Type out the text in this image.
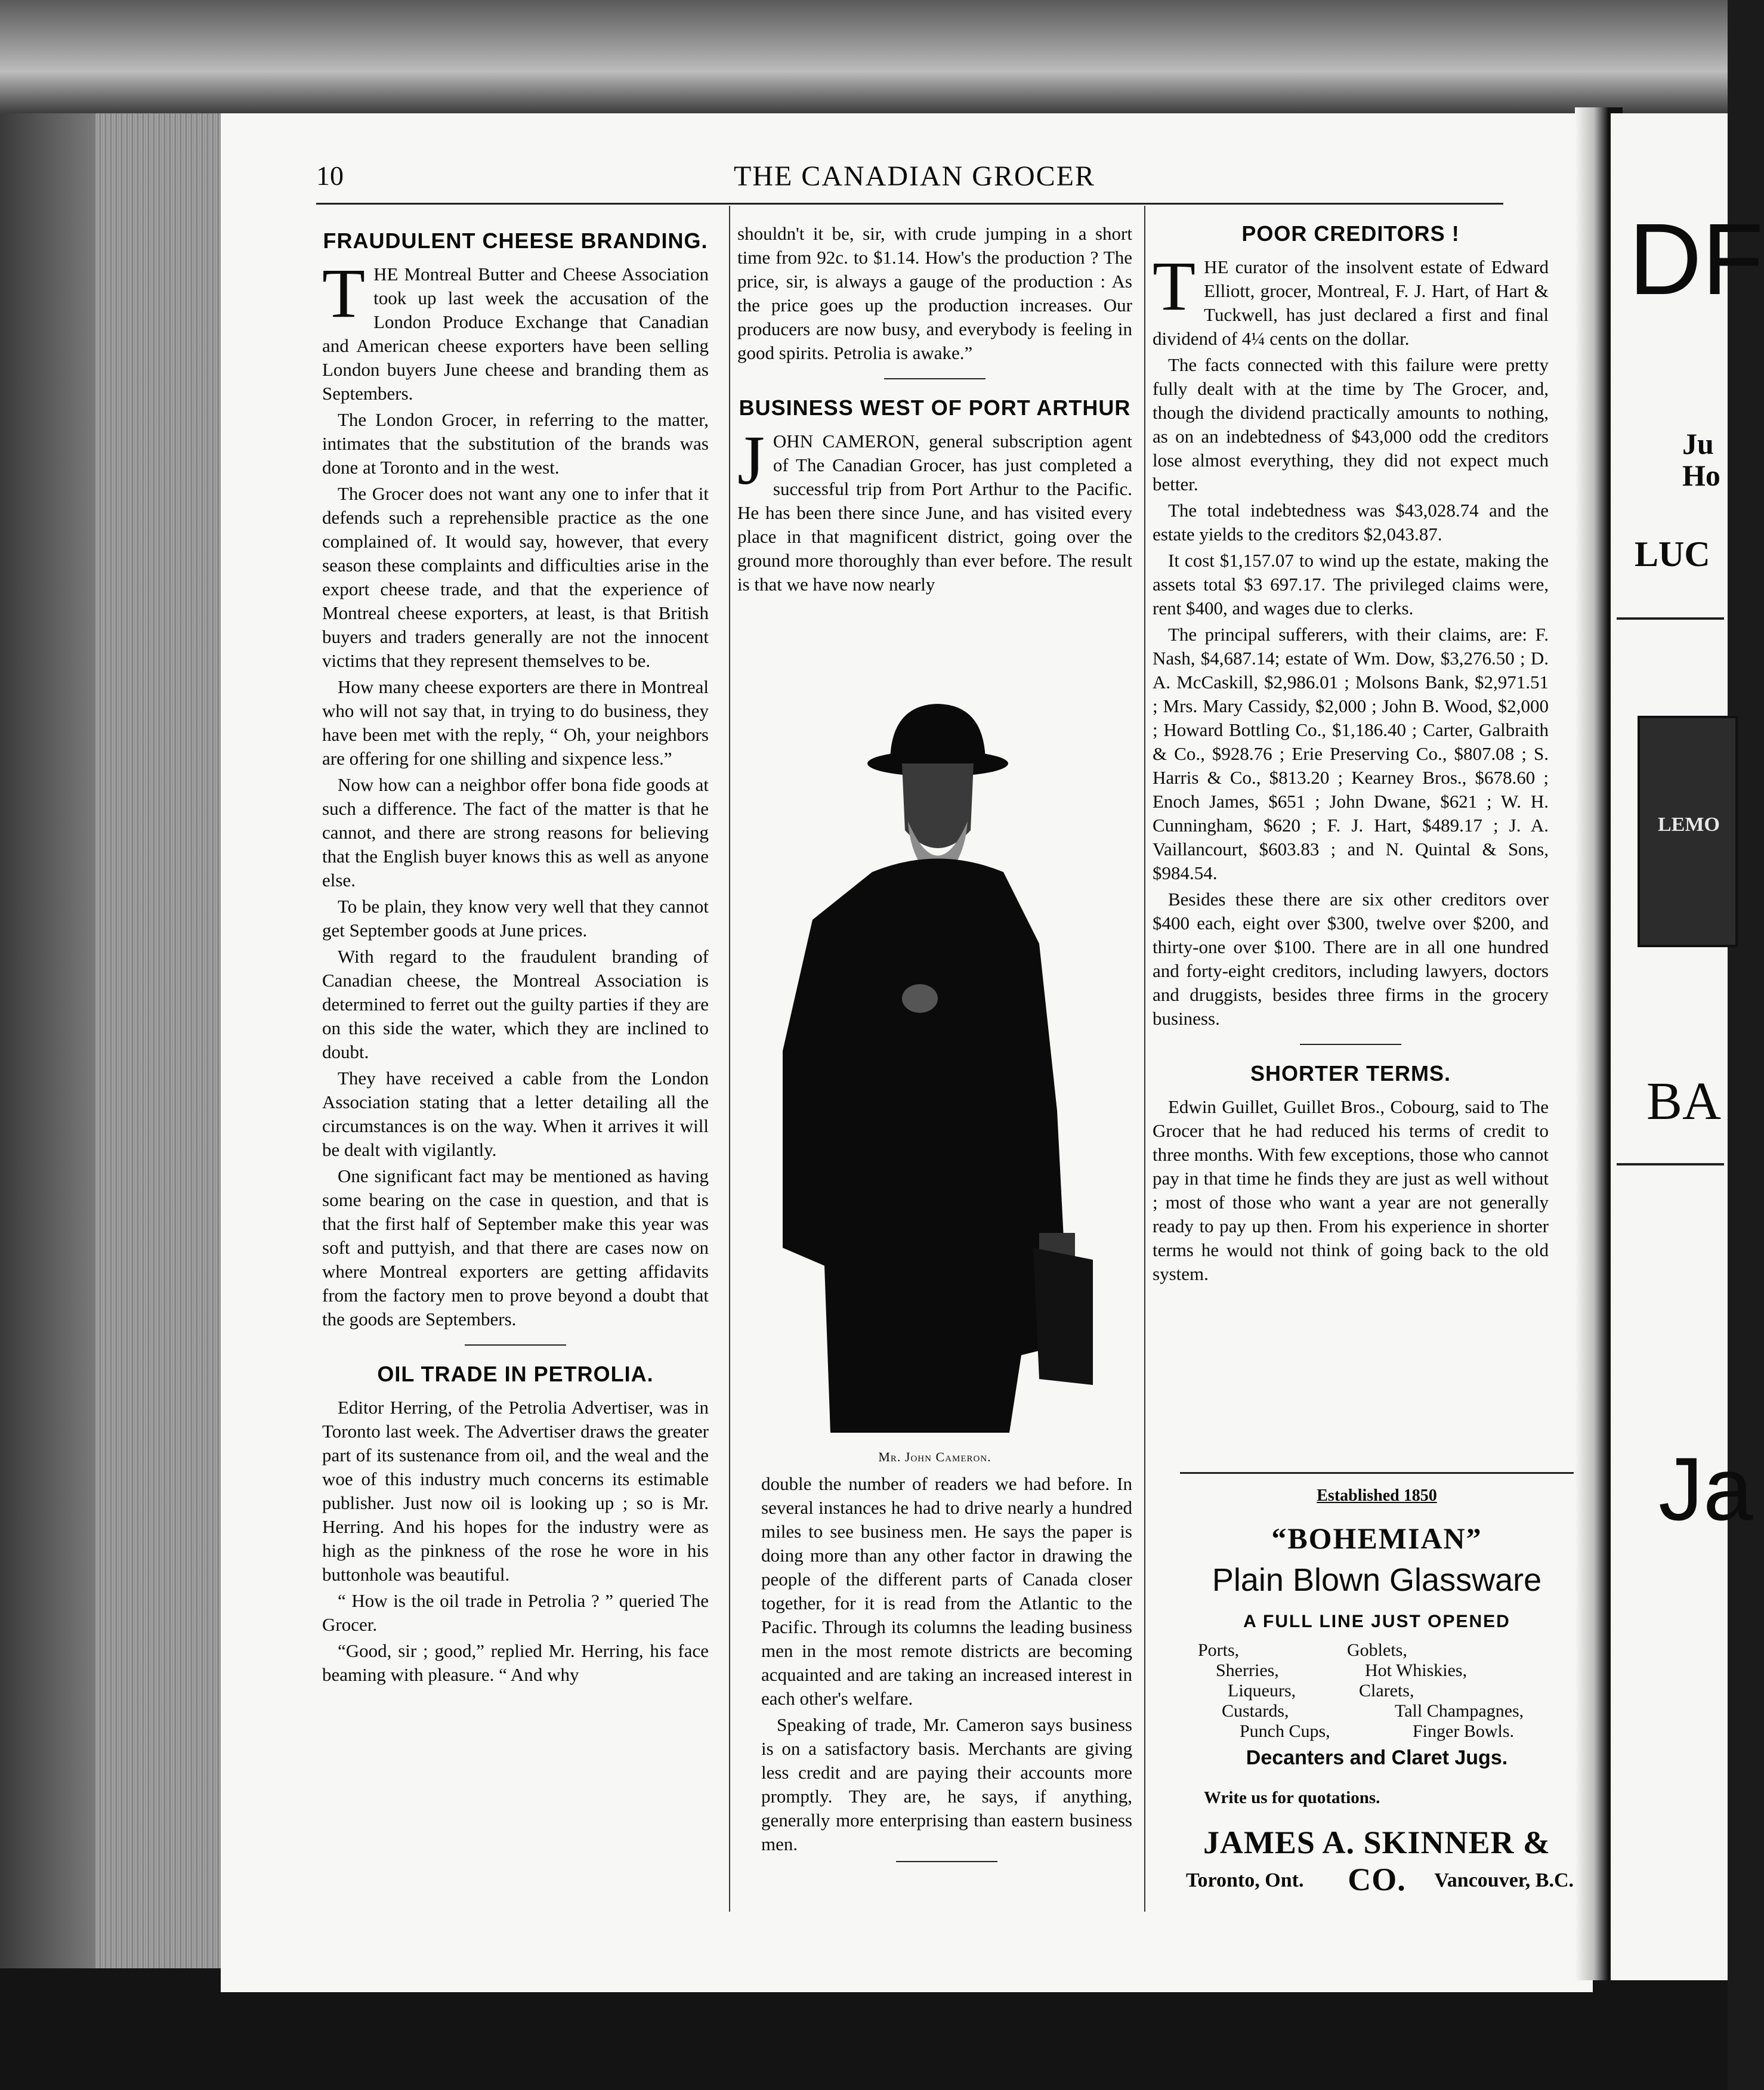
10	THE CANADIAN GROCER
FRAUDULENT CHEESE BRANDING.

THE Montreal Butter and Cheese Association took up last week the accusation of the London Produce Exchange that Canadian and American cheese exporters have been selling London buyers June cheese and branding them as Septembers.

The London Grocer, in referring to the matter, intimates that the substitution of the brands was done at Toronto and in the west.

The Grocer does not want any one to infer that it defends such a reprehensible practice as the one complained of. It would say, however, that every season these complaints and difficulties arise in the export cheese trade, and that the experience of Montreal cheese exporters, at least, is that British buyers and traders generally are not the innocent victims that they represent themselves to be.

How many cheese exporters are there in Montreal who will not say that, in trying to do business, they have been met with the reply, “ Oh, your neighbors are offering for one shilling and sixpence less.”

Now how can a neighbor offer bona fide goods at such a difference. The fact of the matter is that he cannot, and there are strong reasons for believing that the English buyer knows this as well as anyone else.

To be plain, they know very well that they cannot get September goods at June prices.

With regard to the fraudulent branding of Canadian cheese, the Montreal Association is determined to ferret out the guilty parties if they are on this side the water, which they are inclined to doubt.

They have received a cable from the London Association stating that a letter detailing all the circumstances is on the way. When it arrives it will be dealt with vigilantly.

One significant fact may be mentioned as having some bearing on the case in question, and that is that the first half of September make this year was soft and puttyish, and that there are cases now on where Montreal exporters are getting affidavits from the factory men to prove beyond a doubt that the goods are Septembers.

OIL TRADE IN PETROLIA.

Editor Herring, of the Petrolia Advertiser, was in Toronto last week. The Advertiser draws the greater part of its sustenance from oil, and the weal and the woe of this industry much concerns its estimable publisher. Just now oil is looking up ; so is Mr. Herring. And his hopes for the industry were as high as the pinkness of the rose he wore in his buttonhole was beautiful.

“ How is the oil trade in Petrolia ? ” queried The Grocer.

“Good, sir ; good,” replied Mr. Herring, his face beaming with pleasure. “ And why

shouldn't it be, sir, with crude jumping in a short time from 92c. to $1.14. How's the production ? The price, sir, is always a gauge of the production : As the price goes up the production increases. Our producers are now busy, and everybody is feeling in good spirits. Petrolia is awake.”

BUSINESS WEST OF PORT ARTHUR

JOHN CAMERON, general subscription agent of The Canadian Grocer, has just completed a successful trip from Port Arthur to the Pacific. He has been there since June, and has visited every place in that magnificent district, going over the ground more thoroughly than ever before. The result is that we have now nearly

Mr. John Cameron.

double the number of readers we had before. In several instances he had to drive nearly a hundred miles to see business men. He says the paper is doing more than any other factor in drawing the people of the different parts of Canada closer together, for it is read from the Atlantic to the Pacific. Through its columns the leading business men in the most remote districts are becoming acquainted and are taking an increased interest in each other's welfare.

Speaking of trade, Mr. Cameron says business is on a satisfactory basis. Merchants are giving less credit and are paying their accounts more promptly. They are, he says, if anything, generally more enterprising than eastern business men.

POOR CREDITORS !

THE curator of the insolvent estate of Edward Elliott, grocer, Montreal, F. J. Hart, of Hart & Tuckwell, has just declared a first and final dividend of 4¼ cents on the dollar.

The facts connected with this failure were pretty fully dealt with at the time by The Grocer, and, though the dividend practically amounts to nothing, as on an indebtedness of $43,000 odd the creditors lose almost everything, they did not expect much better.

The total indebtedness was $43,028.74 and the estate yields to the creditors $2,043.87.

It cost $1,157.07 to wind up the estate, making the assets total $3 697.17. The privileged claims were, rent $400, and wages due to clerks.

The principal sufferers, with their claims, are: F. Nash, $4,687.14; estate of Wm. Dow, $3,276.50 ; D. A. McCaskill, $2,986.01 ; Molsons Bank, $2,971.51 ; Mrs. Mary Cassidy, $2,000 ; John B. Wood, $2,000 ; Howard Bottling Co., $1,186.40 ; Carter, Galbraith & Co., $928.76 ; Erie Preserving Co., $807.08 ; S. Harris & Co., $813.20 ; Kearney Bros., $678.60 ; Enoch James, $651 ; John Dwane, $621 ; W. H. Cunningham, $620 ; F. J. Hart, $489.17 ; J. A. Vaillancourt, $603.83 ; and N. Quintal & Sons, $984.54.

Besides these there are six other creditors over $400 each, eight over $300, twelve over $200, and thirty-one over $100. There are in all one hundred and forty-eight creditors, including lawyers, doctors and druggists, besides three firms in the grocery business.

SHORTER TERMS.

Edwin Guillet, Guillet Bros., Cobourg, said to The Grocer that he had reduced his terms of credit to three months. With few exceptions, those who cannot pay in that time he finds they are just as well without ; most of those who want a year are not generally ready to pay up then. From his experience in shorter terms he would not think of going back to the old system.

Established 1850
“BOHEMIAN”
Plain Blown Glassware
A FULL LINE JUST OPENED
Ports,	Goblets,
Sherries,	Hot Whiskies,
Liqueurs,	Clarets,
Custards,	Tall Champagnes,
Punch Cups,	Finger Bowls.
Decanters and Claret Jugs.
Write us for quotations.
JAMES A. SKINNER & CO.
Toronto, Ont.	Vancouver, B.C.
DF
Ju
Ho
LUC
LEMO
BA
Ja
